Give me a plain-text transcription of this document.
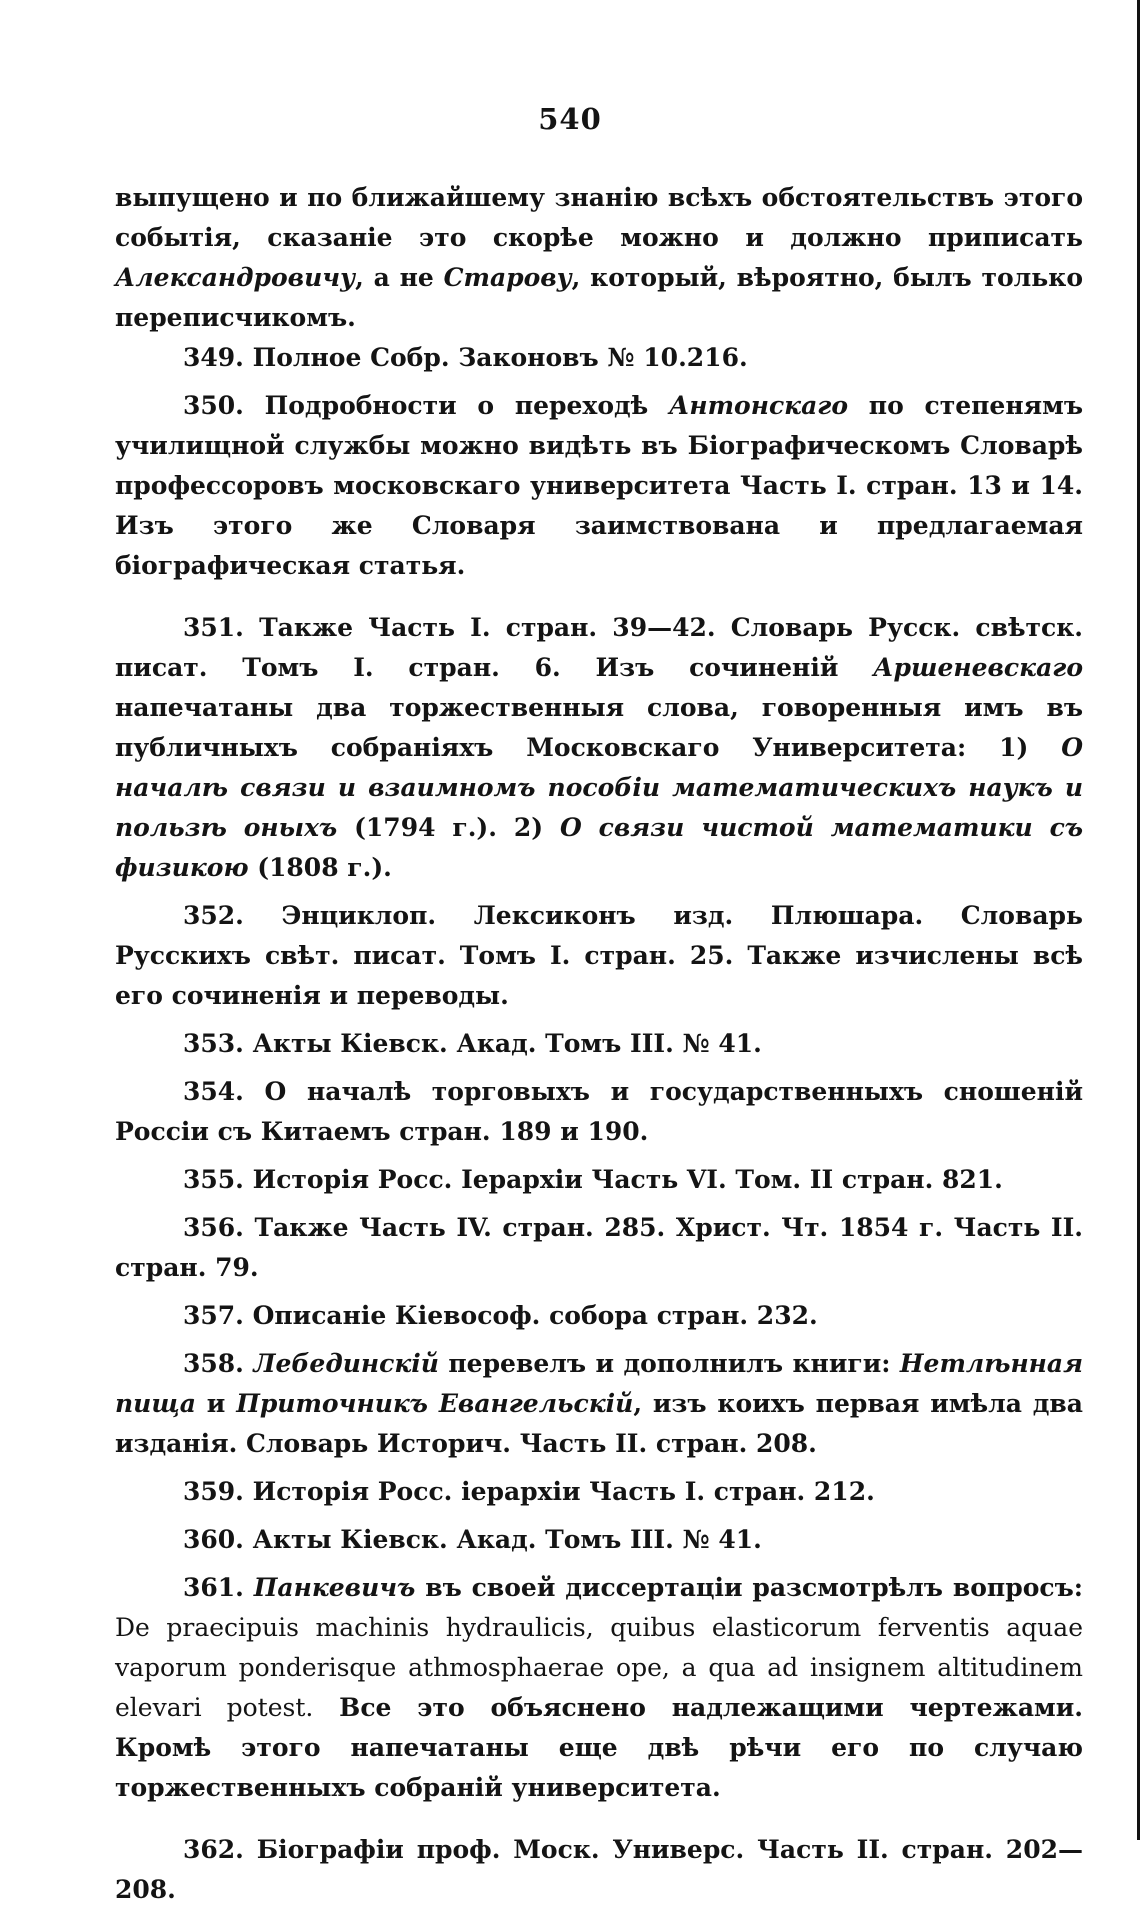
540

выпущено и по ближайшему знанію всѣхъ обстоятельствъ этого событія, сказаніе это скорѣе можно и должно приписать Александровичу, а не Старову, который, вѣроятно, былъ только переписчикомъ.

349. Полное Собр. Законовъ № 10.216.

350. Подробности о переходѣ Антонскаго по степенямъ училищной службы можно видѣть въ Біографическомъ Словарѣ профессоровъ московскаго университета Часть I. стран. 13 и 14. Изъ этого же Словаря заимствована и предлагаемая біографическая статья.

351. Также Часть I. стран. 39—42. Словарь Русск. свѣтск. писат. Томъ I. стран. 6. Изъ сочиненій Аршеневскаго напечатаны два торжественныя слова, говоренныя имъ въ публичныхъ собраніяхъ Московскаго Университета: 1) О началѣ связи и взаимномъ пособіи математическихъ наукъ и пользѣ оныхъ (1794 г.). 2) О связи чистой математики съ физикою (1808 г.).

352. Энциклоп. Лексиконъ изд. Плюшара. Словарь Русскихъ свѣт. писат. Томъ I. стран. 25. Также изчислены всѣ его сочиненія и переводы.

353. Акты Кіевск. Акад. Томъ III. № 41.

354. О началѣ торговыхъ и государственныхъ сношеній Россіи съ Китаемъ стран. 189 и 190.

355. Исторія Росс. Іерархіи Часть VI. Том. II стран. 821.

356. Также Часть IV. стран. 285. Христ. Чт. 1854 г. Часть II. стран. 79.

357. Описаніе Кіевософ. собора стран. 232.

358. Лебединскій перевелъ и дополнилъ книги: Нетлѣнная пища и Приточникъ Евангельскій, изъ коихъ первая имѣла два изданія. Словарь Историч. Часть II. стран. 208.

359. Исторія Росс. іерархіи Часть I. стран. 212.

360. Акты Кіевск. Акад. Томъ III. № 41.

361. Панкевичъ въ своей диссертаціи разсмотрѣлъ вопросъ: De praecipuis machinis hydraulicis, quibus elasticorum ferventis aquae vaporum ponderisque athmosphaerae ope, a qua ad insignem altitudinem elevari potest. Все это объяснено надлежащими чертежами. Кромѣ этого напечатаны еще двѣ рѣчи его по случаю торжественныхъ собраній университета.

362. Біографіи проф. Моск. Универс. Часть II. стран. 202—208.
